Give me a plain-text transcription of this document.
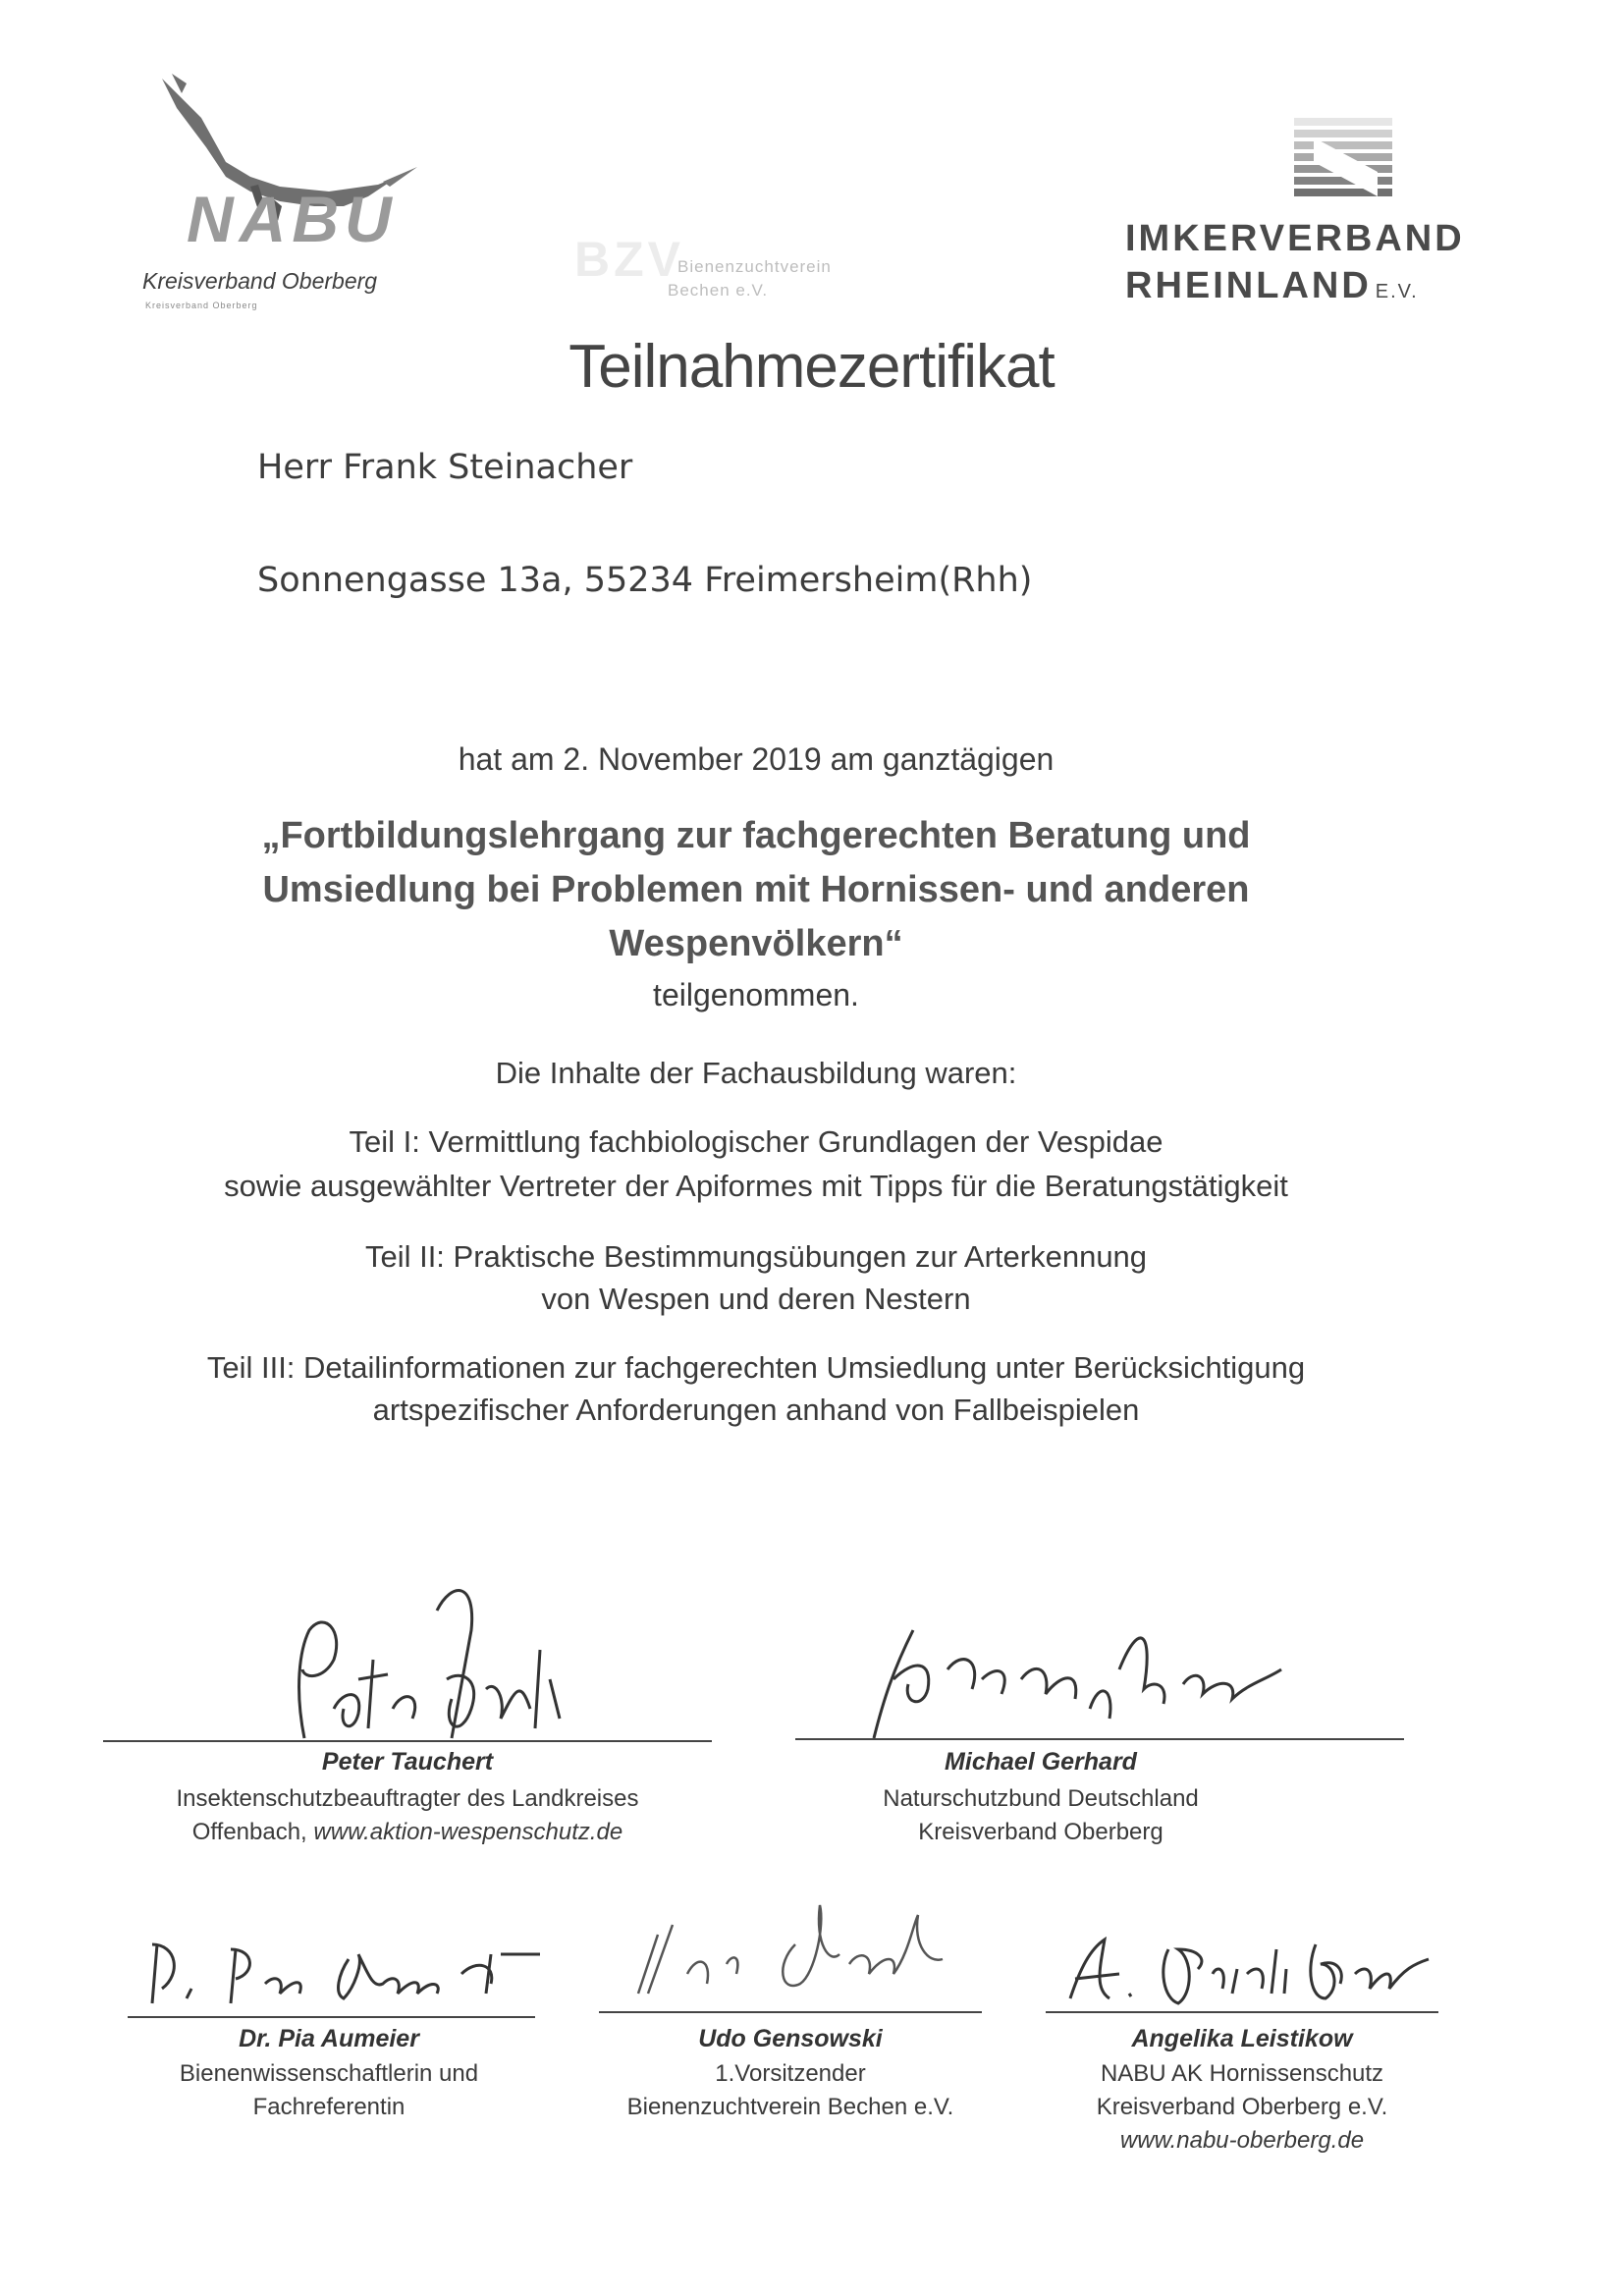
NABU
Kreisverband Oberberg
Kreisverband Oberberg
BZV
Bienenzuchtverein
Bechen e.V.
IMKERVERBAND
RHEINLAND E.V.
Teilnahmezertifikat
Herr Frank Steinacher
Sonnengasse 13a, 55234 Freimersheim(Rhh)
hat am 2. November 2019 am ganztägigen
„Fortbildungslehrgang zur fachgerechten Beratung und
Umsiedlung bei Problemen mit Hornissen- und anderen
Wespenvölkern“
teilgenommen.
Die Inhalte der Fachausbildung waren:
Teil I: Vermittlung fachbiologischer Grundlagen der Vespidae
sowie ausgewählter Vertreter der Apiformes mit Tipps für die Beratungstätigkeit
Teil II: Praktische Bestimmungsübungen zur Arterkennung
von Wespen und deren Nestern
Teil III: Detailinformationen zur fachgerechten Umsiedlung unter Berücksichtigung
artspezifischer Anforderungen anhand von Fallbeispielen
Peter Tauchert
Insektenschutzbeauftragter des Landkreises
Offenbach, www.aktion-wespenschutz.de
Michael Gerhard
Naturschutzbund Deutschland
Kreisverband Oberberg
Dr. Pia Aumeier
Bienenwissenschaftlerin und
Fachreferentin
Udo Gensowski
1.Vorsitzender
Bienenzuchtverein Bechen e.V.
Angelika Leistikow
NABU AK Hornissenschutz
Kreisverband Oberberg e.V.
www.nabu-oberberg.de
